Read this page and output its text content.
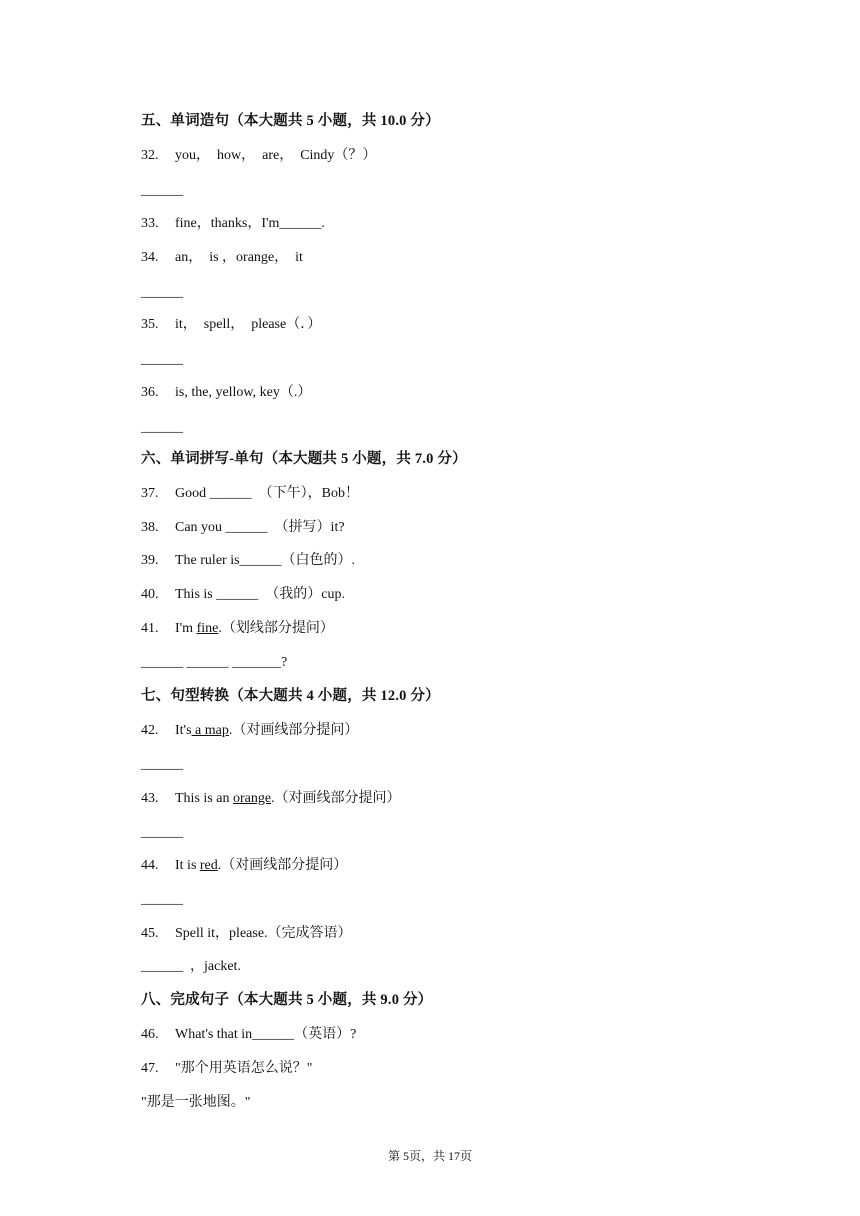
五、单词造句（本大题共 5 小题，共 10.0 分）
32. you，  how，  are，  Cindy（？）
______
33. fine，thanks，I'm______.
34. an，  is ，orange，  it
______
35. it，  spell，  please（．）
______
36. is, the, yellow, key（.）
______
六、单词拼写-单句（本大题共 5 小题，共 7.0 分）
37. Good ______  （下午），Bob！
38. Can you ______  （拼写）it?
39. The ruler is______（白色的）.
40. This is ______  （我的）cup.
41. I'm fine.（划线部分提问）
______ ______ _______?
七、句型转换（本大题共 4 小题，共 12.0 分）
42. It's a map.（对画线部分提问）
______
43. This is an orange.（对画线部分提问）
______
44. It is red.（对画线部分提问）
______
45. Spell it，please.（完成答语）
______  ，jacket.
八、完成句子（本大题共 5 小题，共 9.0 分）
46. What's that in______（英语）?
47. "那个用英语怎么说？"
"那是一张地图。"
第 5页，共 17页
